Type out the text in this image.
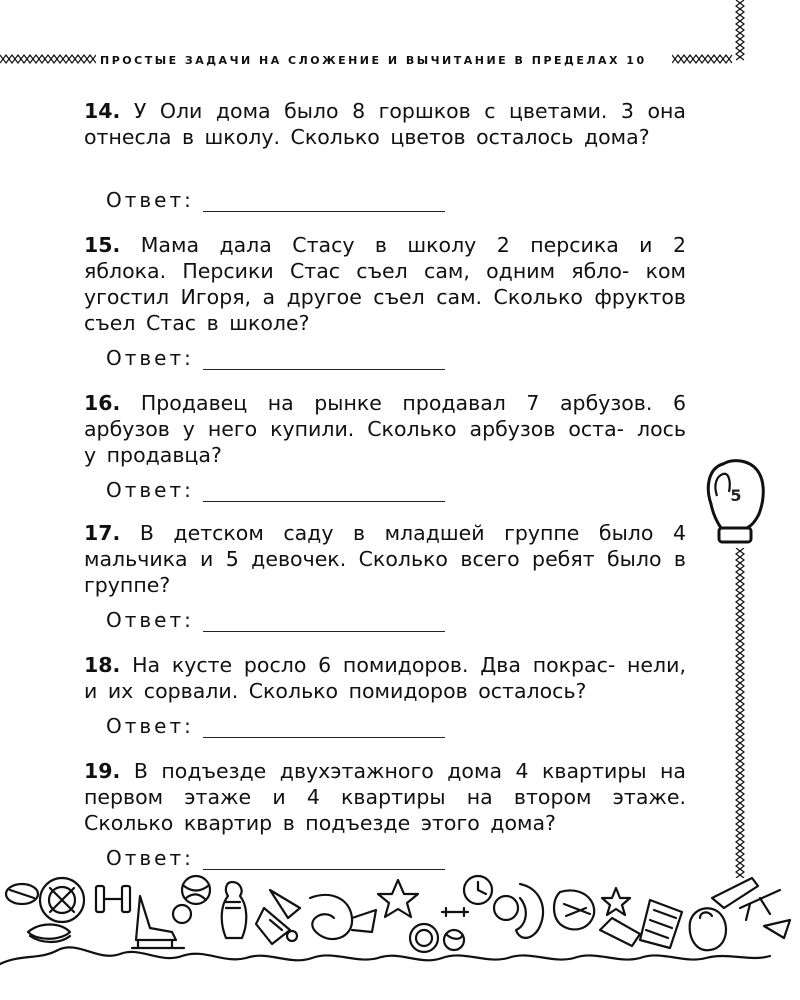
ПРОСТЫЕ ЗАДАЧИ НА СЛОЖЕНИЕ И ВЫЧИТАНИЕ В ПРЕДЕЛАХ 10

14. У Оли дома было 8 горшков с цветами. 3 она отнесла в школу. Сколько цветов осталось дома?

Ответ:

15. Мама дала Стасу в школу 2 персика и 2 яблока. Персики Стас съел сам, одним ябло- ком угостил Игоря, а другое съел сам. Сколько фруктов съел Стас в школе?

Ответ:

16. Продавец на рынке продавал 7 арбузов. 6 арбузов у него купили. Сколько арбузов оста- лось у продавца?

Ответ:

17. В детском саду в младшей группе было 4 мальчика и 5 девочек. Сколько всего ребят было в группе?

Ответ:

18. На кусте росло 6 помидоров. Два покрас- нели, и их сорвали. Сколько помидоров осталось?

Ответ:

19. В подъезде двухэтажного дома 4 квартиры на первом этаже и 4 квартиры на втором этаже. Сколько квартир в подъезде этого дома?

Ответ:
5
